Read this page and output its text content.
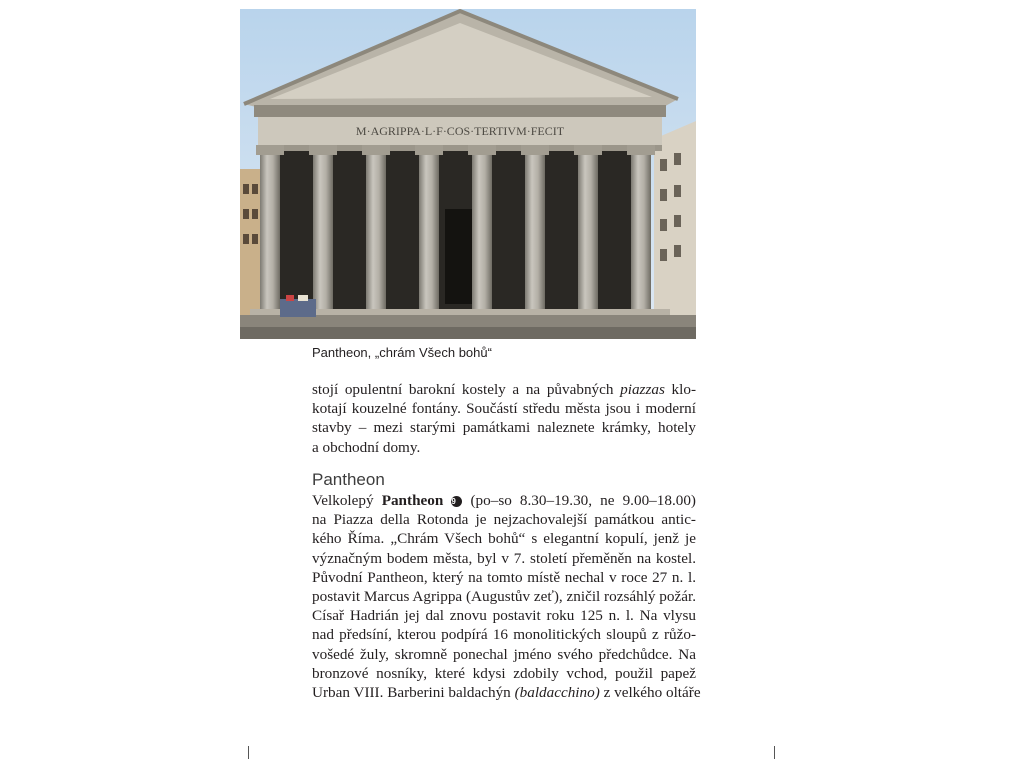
M·AGRIPPA·L·F·COS·TERTIVM·FECIT
Pantheon, „chrám Všech bohů“
stojí opulentní barokní kostely a na půvabných piazzas klo-
kotají kouzelné fontány. Součástí středu města jsou i moderní
stavby – mezi starými památkami naleznete krámky, hotely
a obchodní domy.
Pantheon
Velkolepý Pantheon 9 (po–so 8.30–19.30, ne 9.00–18.00)
na Piazza della Rotonda je nejzachovalejší památkou antic-
kého Říma. „Chrám Všech bohů“ s elegantní kopulí, jenž je
význačným bodem města, byl v 7. století přeměněn na kostel.
Původní Pantheon, který na tomto místě nechal v roce 27 n. l.
postavit Marcus Agrippa (Augustův zeť), zničil rozsáhlý požár.
Císař Hadrián jej dal znovu postavit roku 125 n. l. Na vlysu
nad předsíní, kterou podpírá 16 monolitických sloupů z růžo-
vošedé žuly, skromně ponechal jméno svého předchůdce. Na
bronzové nosníky, které kdysi zdobily vchod, použil papež
Urban VIII. Barberini baldachýn (baldacchino) z velkého oltáře
